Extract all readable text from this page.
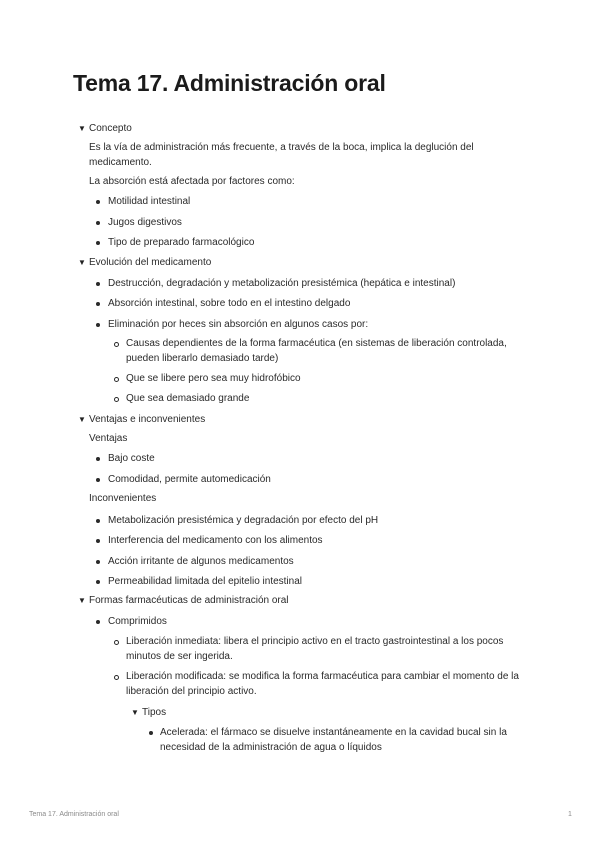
Tema 17. Administración oral
▼ Concepto
Es la vía de administración más frecuente, a través de la boca, implica la deglución del medicamento.
La absorción está afectada por factores como:
Motilidad intestinal
Jugos digestivos
Tipo de preparado farmacológico
▼ Evolución del medicamento
Destrucción, degradación y metabolización presistémica (hepática e intestinal)
Absorción intestinal, sobre todo en el intestino delgado
Eliminación por heces sin absorción en algunos casos por:
Causas dependientes de la forma farmacéutica (en sistemas de liberación controlada, pueden liberarlo demasiado tarde)
Que se libere pero sea muy hidrofóbico
Que sea demasiado grande
▼ Ventajas e inconvenientes
Ventajas
Bajo coste
Comodidad, permite automedicación
Inconvenientes
Metabolización presistémica y degradación por efecto del pH
Interferencia del medicamento con los alimentos
Acción irritante de algunos medicamentos
Permeabilidad limitada del epitelio intestinal
▼ Formas farmacéuticas de administración oral
Comprimidos
Liberación inmediata: libera el principio activo en el tracto gastrointestinal a los pocos minutos de ser ingerida.
Liberación modificada: se modifica la forma farmacéutica para cambiar el momento de la liberación del principio activo.
▼ Tipos
Acelerada: el fármaco se disuelve instantáneamente en la cavidad bucal sin la necesidad de la administración de agua o líquidos
Tema 17. Administración oral	1
